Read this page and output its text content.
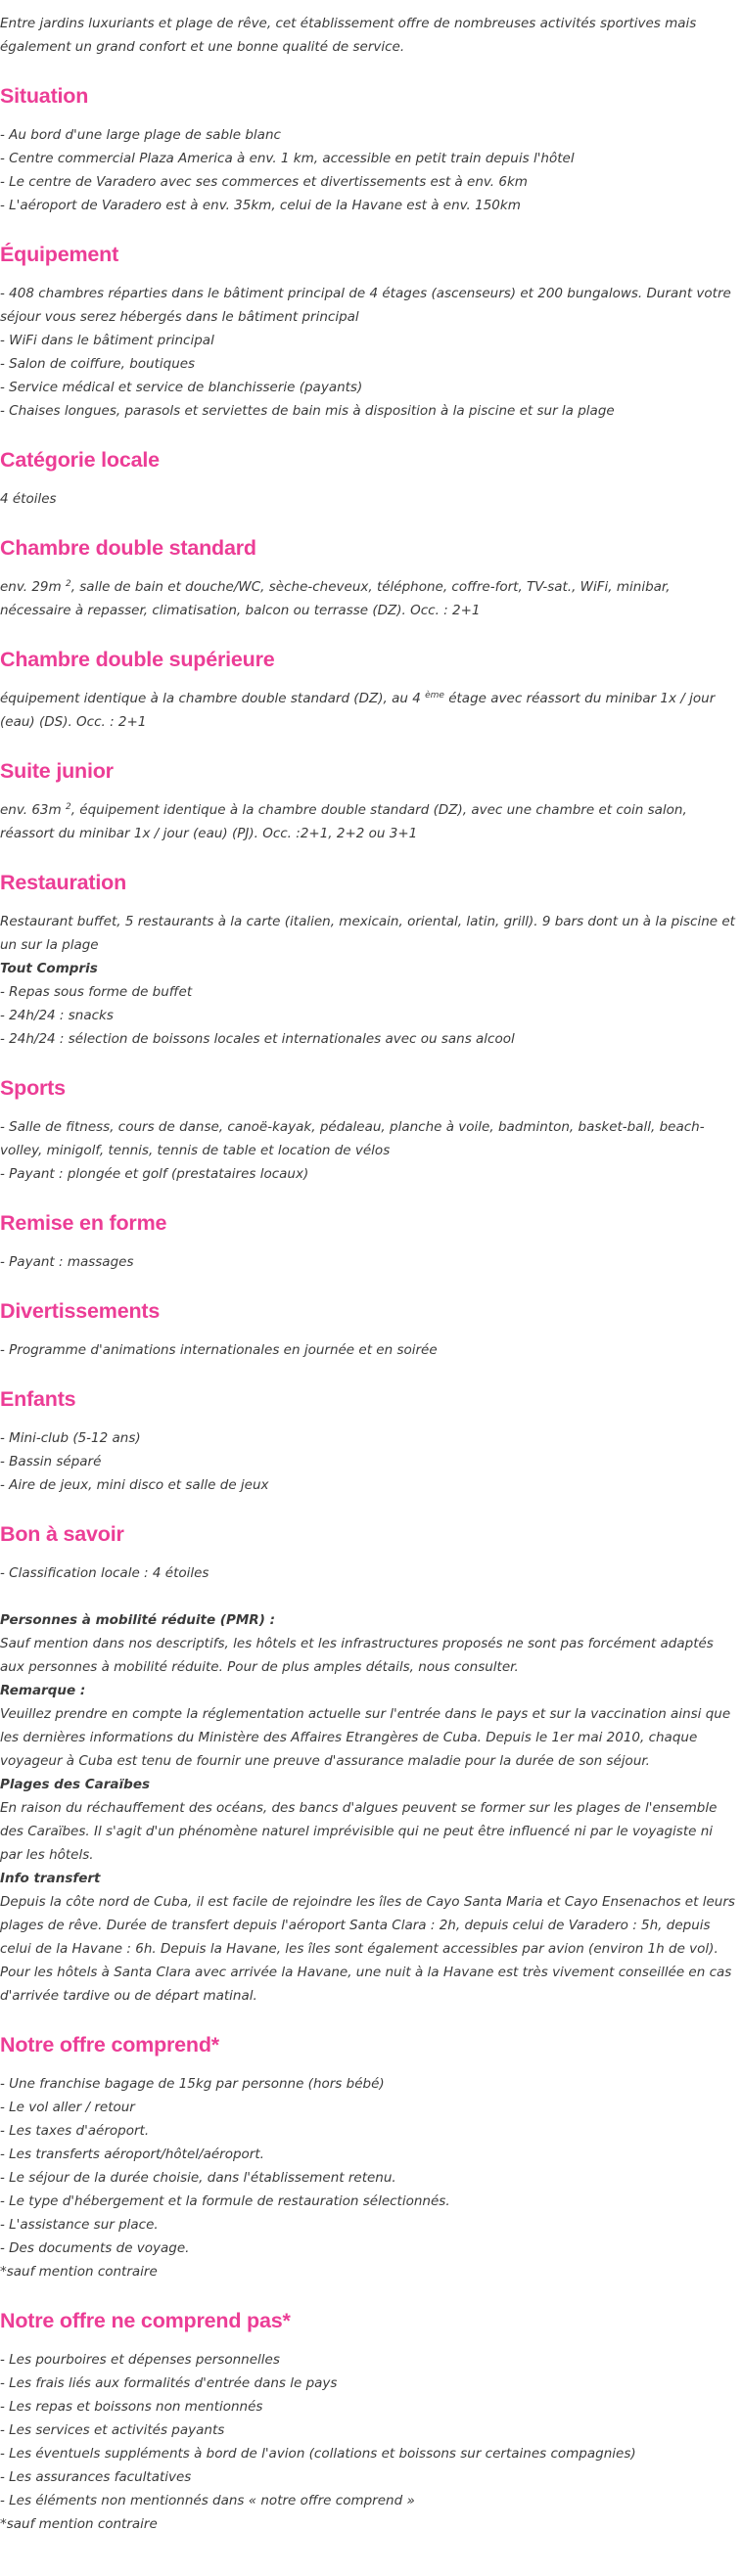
Entre jardins luxuriants et plage de rêve, cet établissement offre de nombreuses activités sportives mais également un grand confort et une bonne qualité de service.

Situation

- Au bord d'une large plage de sable blanc

- Centre commercial Plaza America à env. 1 km, accessible en petit train depuis l'hôtel

- Le centre de Varadero avec ses commerces et divertissements est à env. 6km

- L'aéroport de Varadero est à env. 35km, celui de la Havane est à env. 150km

Équipement

- 408 chambres réparties dans le bâtiment principal de 4 étages (ascenseurs) et 200 bungalows. Durant votre séjour vous serez hébergés dans le bâtiment principal

- WiFi dans le bâtiment principal

- Salon de coiffure, boutiques

- Service médical et service de blanchisserie (payants)

- Chaises longues, parasols et serviettes de bain mis à disposition à la piscine et sur la plage

Catégorie locale

4 étoiles

Chambre double standard

env. 29m $^2$, salle de bain et douche/WC, sèche-cheveux, téléphone, coffre-fort, TV-sat., WiFi, minibar, nécessaire à repasser, climatisation, balcon ou terrasse (DZ). Occ. : 2+1

Chambre double supérieure

équipement identique à la chambre double standard (DZ), au 4 $^{ème}$ étage avec réassort du minibar 1x / jour (eau) (DS). Occ. : 2+1

Suite junior

env. 63m $^2$, équipement identique à la chambre double standard (DZ), avec une chambre et coin salon, réassort du minibar 1x / jour (eau) (PJ). Occ. :2+1, 2+2 ou 3+1

Restauration

Restaurant buffet, 5 restaurants à la carte (italien, mexicain, oriental, latin, grill). 9 bars dont un à la piscine et un sur la plage

Tout Compris

- Repas sous forme de buffet

- 24h/24 : snacks

- 24h/24 : sélection de boissons locales et internationales avec ou sans alcool

Sports

- Salle de fitness, cours de danse, canoë-kayak, pédaleau, planche à voile, badminton, basket-ball, beach-volley, minigolf, tennis, tennis de table et location de vélos

- Payant : plongée et golf (prestataires locaux)

Remise en forme

- Payant : massages

Divertissements

- Programme d'animations internationales en journée et en soirée

Enfants

- Mini-club (5-12 ans)

- Bassin séparé

- Aire de jeux, mini disco et salle de jeux

Bon à savoir

- Classification locale : 4 étoiles

Personnes à mobilité réduite (PMR) :

Sauf mention dans nos descriptifs, les hôtels et les infrastructures proposés ne sont pas forcément adaptés aux personnes à mobilité réduite. Pour de plus amples détails, nous consulter.

Remarque :

Veuillez prendre en compte la réglementation actuelle sur l'entrée dans le pays et sur la vaccination ainsi que les dernières informations du Ministère des Affaires Etrangères de Cuba. Depuis le 1er mai 2010, chaque voyageur à Cuba est tenu de fournir une preuve d'assurance maladie pour la durée de son séjour.

Plages des Caraïbes

En raison du réchauffement des océans, des bancs d'algues peuvent se former sur les plages de l'ensemble des Caraïbes. Il s'agit d'un phénomène naturel imprévisible qui ne peut être influencé ni par le voyagiste ni par les hôtels.

Info transfert

Depuis la côte nord de Cuba, il est facile de rejoindre les îles de Cayo Santa Maria et Cayo Ensenachos et leurs plages de rêve. Durée de transfert depuis l'aéroport Santa Clara : 2h, depuis celui de Varadero : 5h, depuis celui de la Havane : 6h. Depuis la Havane, les îles sont également accessibles par avion (environ 1h de vol).

Pour les hôtels à Santa Clara avec arrivée la Havane, une nuit à la Havane est très vivement conseillée en cas d'arrivée tardive ou de départ matinal.

Notre offre comprend*

- Une franchise bagage de 15kg par personne (hors bébé)

- Le vol aller / retour

- Les taxes d'aéroport.

- Les transferts aéroport/hôtel/aéroport.

- Le séjour de la durée choisie, dans l'établissement retenu.

- Le type d'hébergement et la formule de restauration sélectionnés.

- L'assistance sur place.

- Des documents de voyage.

*sauf mention contraire

Notre offre ne comprend pas*

- Les pourboires et dépenses personnelles

- Les frais liés aux formalités d'entrée dans le pays

- Les repas et boissons non mentionnés

- Les services et activités payants

- Les éventuels suppléments à bord de l'avion (collations et boissons sur certaines compagnies)

- Les assurances facultatives

- Les éléments non mentionnés dans « notre offre comprend »

*sauf mention contraire
